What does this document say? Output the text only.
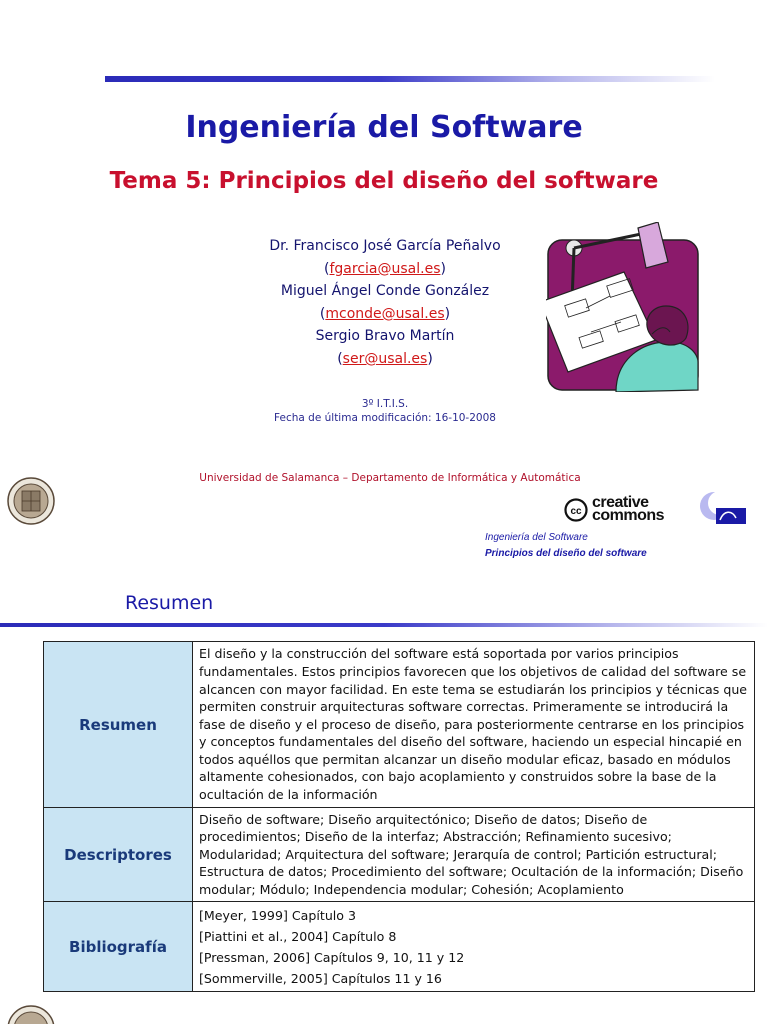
Ingeniería del Software
Tema 5: Principios del diseño del software
Dr. Francisco José García Peñalvo
(fgarcia@usal.es)
Miguel Ángel Conde González
(mconde@usal.es)
Sergio Bravo Martín
(ser@usal.es)
3º I.T.I.S.
Fecha de última modificación: 16-10-2008
Universidad de Salamanca – Departamento de Informática y Automática
cc
creative
commons
Ingeniería del Software
Principios del diseño del software
Resumen
Resumen	El diseño y la construcción del software está soportada por varios principios fundamentales. Estos principios favorecen que los objetivos de calidad del software se alcancen con mayor facilidad. En este tema se estudiarán los principios y técnicas que permiten construir arquitecturas software correctas. Primeramente se introducirá la fase de diseño y el proceso de diseño, para posteriormente centrarse en los principios y conceptos fundamentales del diseño del software, haciendo un especial hincapié en todos aquéllos que permitan alcanzar un diseño modular eficaz, basado en módulos altamente cohesionados, con bajo acoplamiento y construidos sobre la base de la ocultación de la información
Descriptores	Diseño de software; Diseño arquitectónico; Diseño de datos; Diseño de procedimientos; Diseño de la interfaz; Abstracción; Refinamiento sucesivo; Modularidad; Arquitectura del software; Jerarquía de control; Partición estructural; Estructura de datos; Procedimiento del software; Ocultación de la información; Diseño modular; Módulo; Independencia modular; Cohesión; Acoplamiento
Bibliografía	[Meyer, 1999] Capítulo 3
[Piattini et al., 2004] Capítulo 8
[Pressman, 2006] Capítulos 9, 10, 11 y 12
[Sommerville, 2005] Capítulos 11 y 16
